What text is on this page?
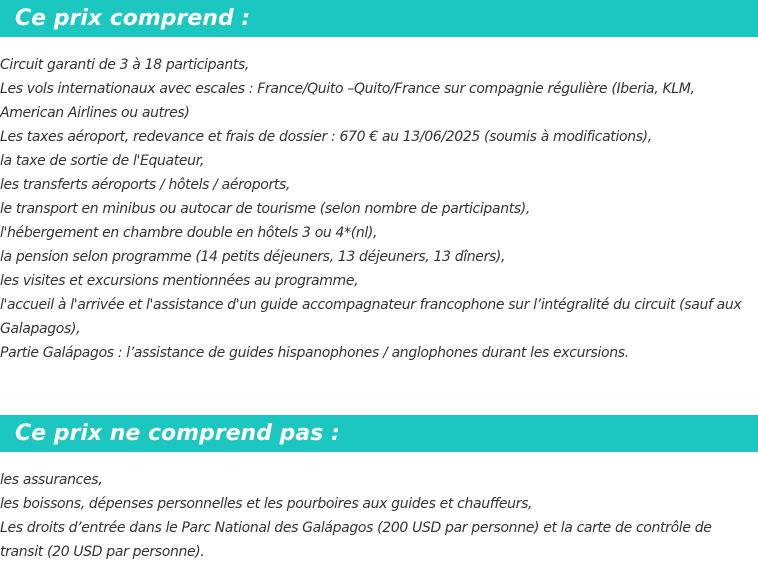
Ce prix comprend :
Circuit garanti de 3 à 18 participants,
Les vols internationaux avec escales : France/Quito –Quito/France sur compagnie régulière (Iberia, KLM, American Airlines ou autres)
Les taxes aéroport, redevance et frais de dossier : 670 € au 13/06/2025 (soumis à modifications),
la taxe de sortie de l'Equateur,
les transferts aéroports / hôtels / aéroports,
le transport en minibus ou autocar de tourisme (selon nombre de participants),
l'hébergement en chambre double en hôtels 3 ou 4*(nl),
la pension selon programme (14 petits déjeuners, 13 déjeuners, 13 dîners),
les visites et excursions mentionnées au programme,
l'accueil à l'arrivée et l'assistance d'un guide accompagnateur francophone sur l’intégralité du circuit (sauf aux Galapagos),
Partie Galápagos : l’assistance de guides hispanophones / anglophones durant les excursions.
Ce prix ne comprend pas :
les assurances,
les boissons, dépenses personnelles et les pourboires aux guides et chauffeurs,
Les droits d’entrée dans le Parc National des Galápagos (200 USD par personne) et la carte de contrôle de transit (20 USD par personne).
